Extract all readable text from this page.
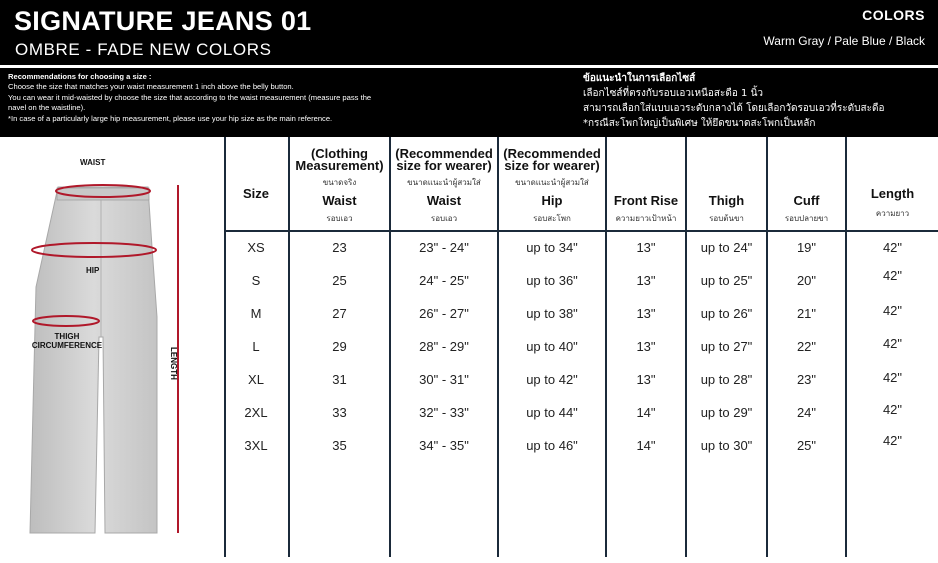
SIGNATURE JEANS 01
OMBRE - FADE NEW COLORS
COLORS
Warm Gray / Pale Blue / Black
Recommendations for choosing a size :
Choose the size that matches your waist measurement 1 inch above the belly button.
You can wear it mid-waisted by choose the size that according to the waist measurement (measure pass the
navel on the waistline).
*In case of a particularly large hip measurement, please use your hip size as the main reference.
ข้อแนะนำในการเลือกไซส์
เลือกไซส์ที่ตรงกับรอบเอวเหนือสะดือ 1 นิ้ว
สามารถเลือกใส่แบบเอวระดับกลางได้ โดยเลือกวัดรอบเอวที่ระดับสะดือ
*กรณีสะโพกใหญ่เป็นพิเศษ ให้ยึดขนาดสะโพกเป็นหลัก
WAIST
HIP
THIGH
CIRCUMFERENCE
LENGTH
Size
(Clothing
Measurement)
ขนาดจริง
Waist
รอบเอว
(Recommended
size for wearer)
ขนาดแนะนำผู้สวมใส่
Waist
รอบเอว
(Recommended
size for wearer)
ขนาดแนะนำผู้สวมใส่
Hip
รอบสะโพก
Front Rise
ความยาวเป้าหน้า
Thigh
รอบต้นขา
Cuff
รอบปลายขา
Length
ความยาว
XS	23	23" - 24"	up to 34"	13"	up to 24"	19"	42"
S	25	24" - 25"	up to 36"	13"	up to 25"	20"	42"
M	27	26" - 27"	up to 38"	13"	up to 26"	21"	42"
L	29	28" - 29"	up to 40"	13"	up to 27"	22"	42"
XL	31	30" - 31"	up to 42"	13"	up to 28"	23"	42"
2XL	33	32" - 33"	up to 44"	14"	up to 29"	24"	42"
3XL	35	34" - 35"	up to 46"	14"	up to 30"	25"	42"
